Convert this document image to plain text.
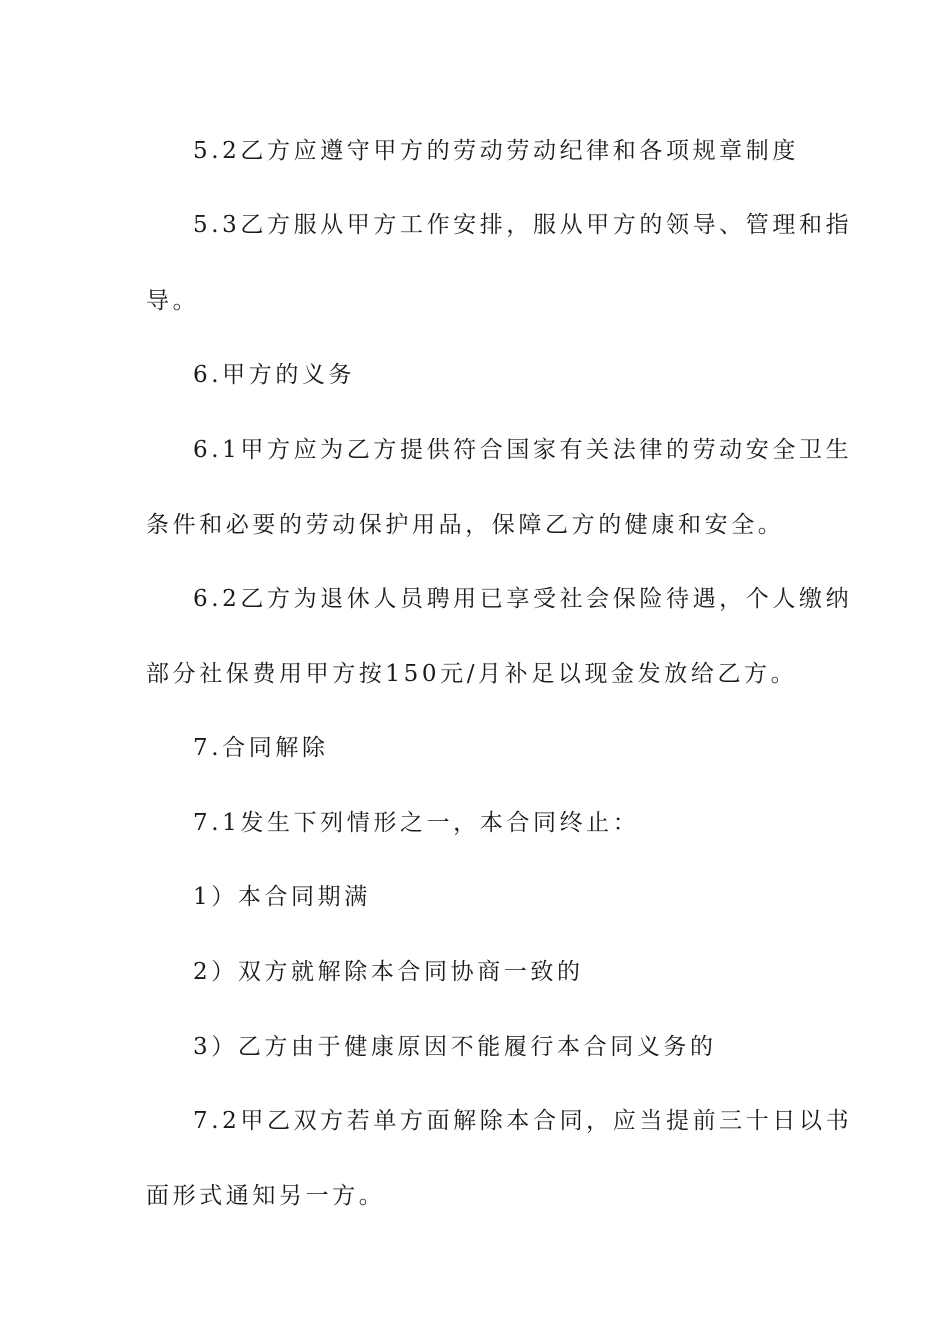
5.2乙方应遵守甲方的劳动劳动纪律和各项规章制度
5.3乙方服从甲方工作安排，服从甲方的领导、管理和指
导。
6.甲方的义务
6.1甲方应为乙方提供符合国家有关法律的劳动安全卫生
条件和必要的劳动保护用品，保障乙方的健康和安全。
6.2乙方为退休人员聘用已享受社会保险待遇，个人缴纳
部分社保费用甲方按150元/月补足以现金发放给乙方。
7.合同解除
7.1发生下列情形之一，本合同终止：
1）本合同期满
2）双方就解除本合同协商一致的
3）乙方由于健康原因不能履行本合同义务的
7.2甲乙双方若单方面解除本合同，应当提前三十日以书
面形式通知另一方。
